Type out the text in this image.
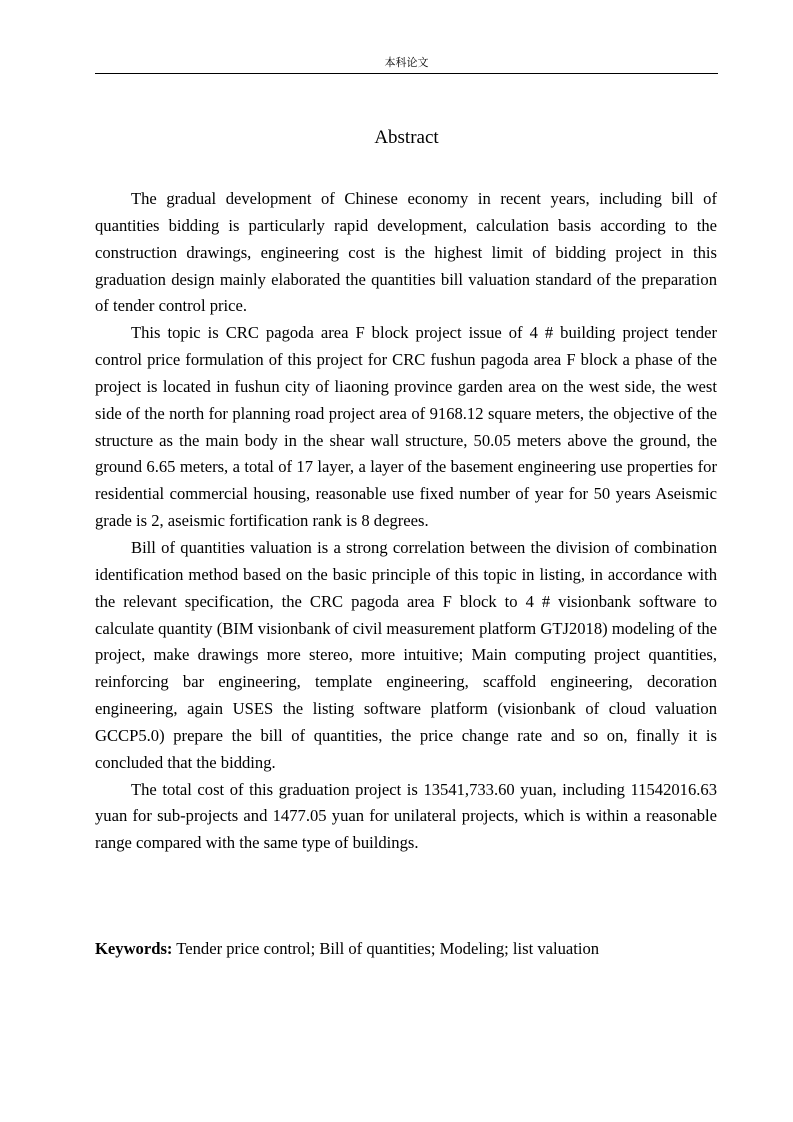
本科论文
Abstract

The gradual development of Chinese economy in recent years, including bill of quantities bidding is particularly rapid development, calculation basis according to the construction drawings, engineering cost is the highest limit of bidding project in this graduation design mainly elaborated the quantities bill valuation standard of the preparation of tender control price.

This topic is CRC pagoda area F block project issue of 4 # building project tender control price formulation of this project for CRC fushun pagoda area F block a phase of the project is located in fushun city of liaoning province garden area on the west side, the west side of the north for planning road project area of 9168.12 square meters, the objective of the structure as the main body in the shear wall structure, 50.05 meters above the ground, the ground 6.65 meters, a total of 17 layer, a layer of the basement engineering use properties for residential commercial housing, reasonable use fixed number of year for 50 years Aseismic grade is 2, aseismic fortification rank is 8 degrees.

Bill of quantities valuation is a strong correlation between the division of combination identification method based on the basic principle of this topic in listing, in accordance with the relevant specification, the CRC pagoda area F block to 4 # visionbank software to calculate quantity (BIM visionbank of civil measurement platform GTJ2018) modeling of the project, make drawings more stereo, more intuitive; Main computing project quantities, reinforcing bar engineering, template engineering, scaffold engineering, decoration engineering, again USES the listing software platform (visionbank of cloud valuation GCCP5.0) prepare the bill of quantities, the price change rate and so on, finally it is concluded that the bidding.

The total cost of this graduation project is 13541,733.60 yuan, including 11542016.63 yuan for sub-projects and 1477.05 yuan for unilateral projects, which is within a reasonable range compared with the same type of buildings.

Keywords: Tender price control; Bill of quantities; Modeling; list valuation
